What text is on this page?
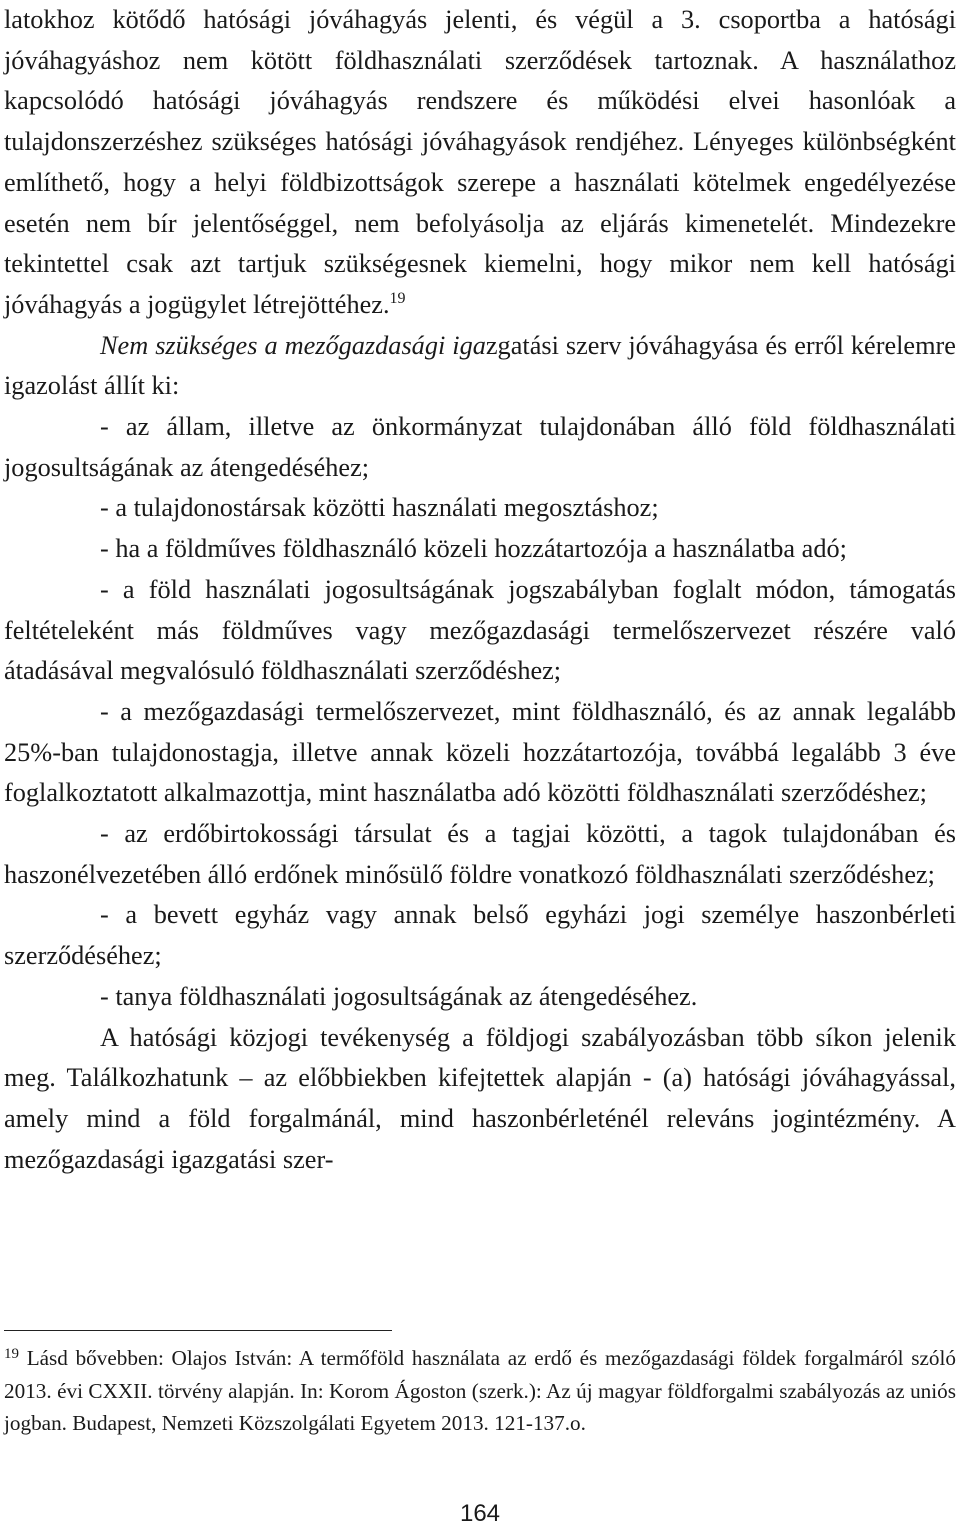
latokhoz kötődő hatósági jóváhagyás jelenti, és végül a 3. csoportba a hatósági jóváhagyáshoz nem kötött földhasználati szerződések tartoznak. A használathoz kapcsolódó hatósági jóváhagyás rendszere és működési elvei hasonlóak a tulajdonszerzéshez szükséges hatósági jóváhagyások rendjéhez. Lényeges különbségként említhető, hogy a helyi földbizottságok szerepe a használati kötelmek engedélyezése esetén nem bír jelentőséggel, nem befolyásolja az eljárás kimenetelét. Mindezekre tekintettel csak azt tartjuk szükségesnek kiemelni, hogy mikor nem kell hatósági jóváhagyás a jogügylet létrejöttéhez.$^{19}$

Nem szükséges a mezőgazdasági igazgatási szerv jóváhagyása és erről kérelemre igazolást állít ki:

- az állam, illetve az önkormányzat tulajdonában álló föld földhasználati jogosultságának az átengedéséhez;

- a tulajdonostársak közötti használati megosztáshoz;

- ha a földműves földhasználó közeli hozzátartozója a használatba adó;

- a föld használati jogosultságának jogszabályban foglalt módon, támogatás feltételeként más földműves vagy mezőgazdasági termelőszervezet részére való átadásával megvalósuló földhasználati szerződéshez;

- a mezőgazdasági termelőszervezet, mint földhasználó, és az annak legalább 25%-ban tulajdonostagja, illetve annak közeli hozzátartozója, továbbá legalább 3 éve foglalkoztatott alkalmazottja, mint használatba adó közötti földhasználati szerződéshez;

- az erdőbirtokossági társulat és a tagjai közötti, a tagok tulajdonában és haszonélvezetében álló erdőnek minősülő földre vonatkozó földhasználati szerződéshez;

- a bevett egyház vagy annak belső egyházi jogi személye haszonbérleti szerződéséhez;

- tanya földhasználati jogosultságának az átengedéséhez.

A hatósági közjogi tevékenység a földjogi szabályozásban több síkon jelenik meg. Találkozhatunk – az előbbiekben kifejtettek alapján - (a) hatósági jóváhagyással, amely mind a föld forgalmánál, mind haszonbérleténél releváns jogintézmény. A mezőgazdasági igazgatási szer-

$^{19}$ Lásd bővebben: Olajos István: A termőföld használata az erdő és mezőgazdasági földek forgalmáról szóló 2013. évi CXXII. törvény alapján. In: Korom Ágoston (szerk.): Az új magyar földforgalmi szabályozás az uniós jogban. Budapest, Nemzeti Közszolgálati Egyetem 2013. 121-137.o.

164
